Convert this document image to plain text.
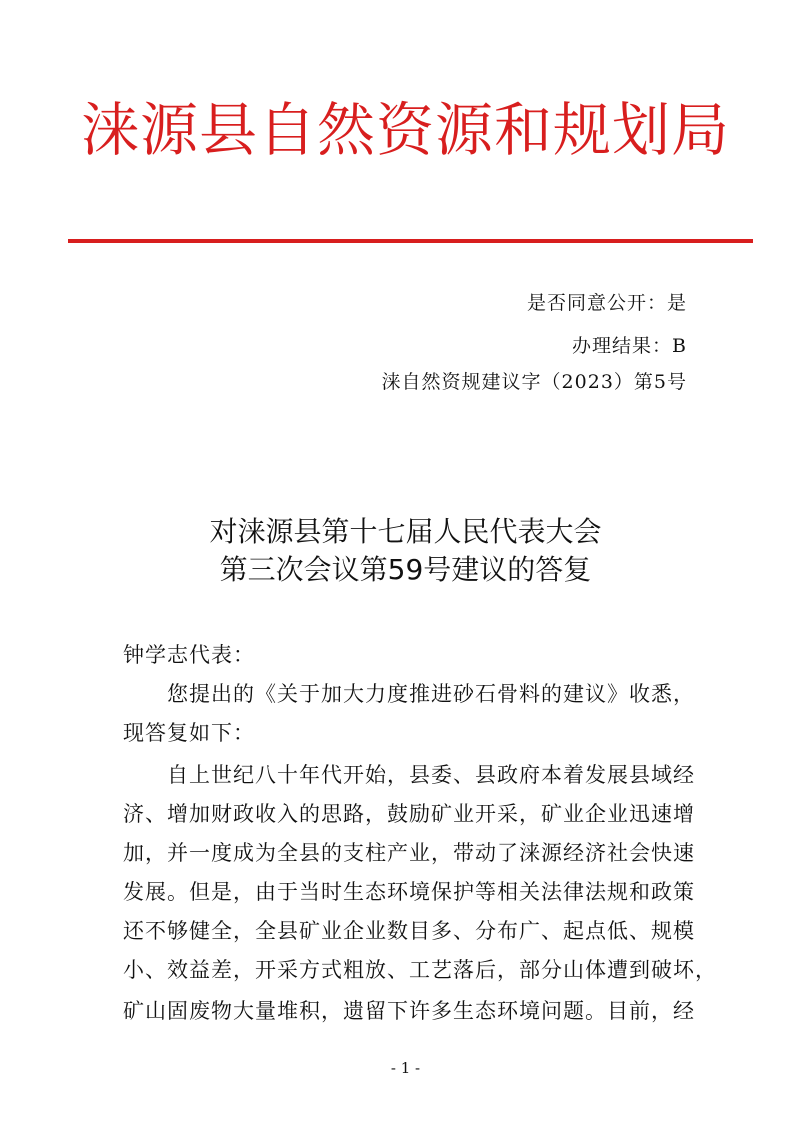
涞源县自然资源和规划局
是否同意公开：是
办理结果：B
涞自然资规建议字（2023）第5号
对涞源县第十七届人民代表大会
第三次会议第59号建议的答复
钟学志代表：
　　您提出的《关于加大力度推进砂石骨料的建议》收悉，
现答复如下：
　　自上世纪八十年代开始，县委、县政府本着发展县域经
济、增加财政收入的思路，鼓励矿业开采，矿业企业迅速增
加，并一度成为全县的支柱产业，带动了涞源经济社会快速
发展。但是，由于当时生态环境保护等相关法律法规和政策
还不够健全，全县矿业企业数目多、分布广、起点低、规模
小、效益差，开采方式粗放、工艺落后，部分山体遭到破坏，
矿山固废物大量堆积，遗留下许多生态环境问题。目前，经
- 1 -
